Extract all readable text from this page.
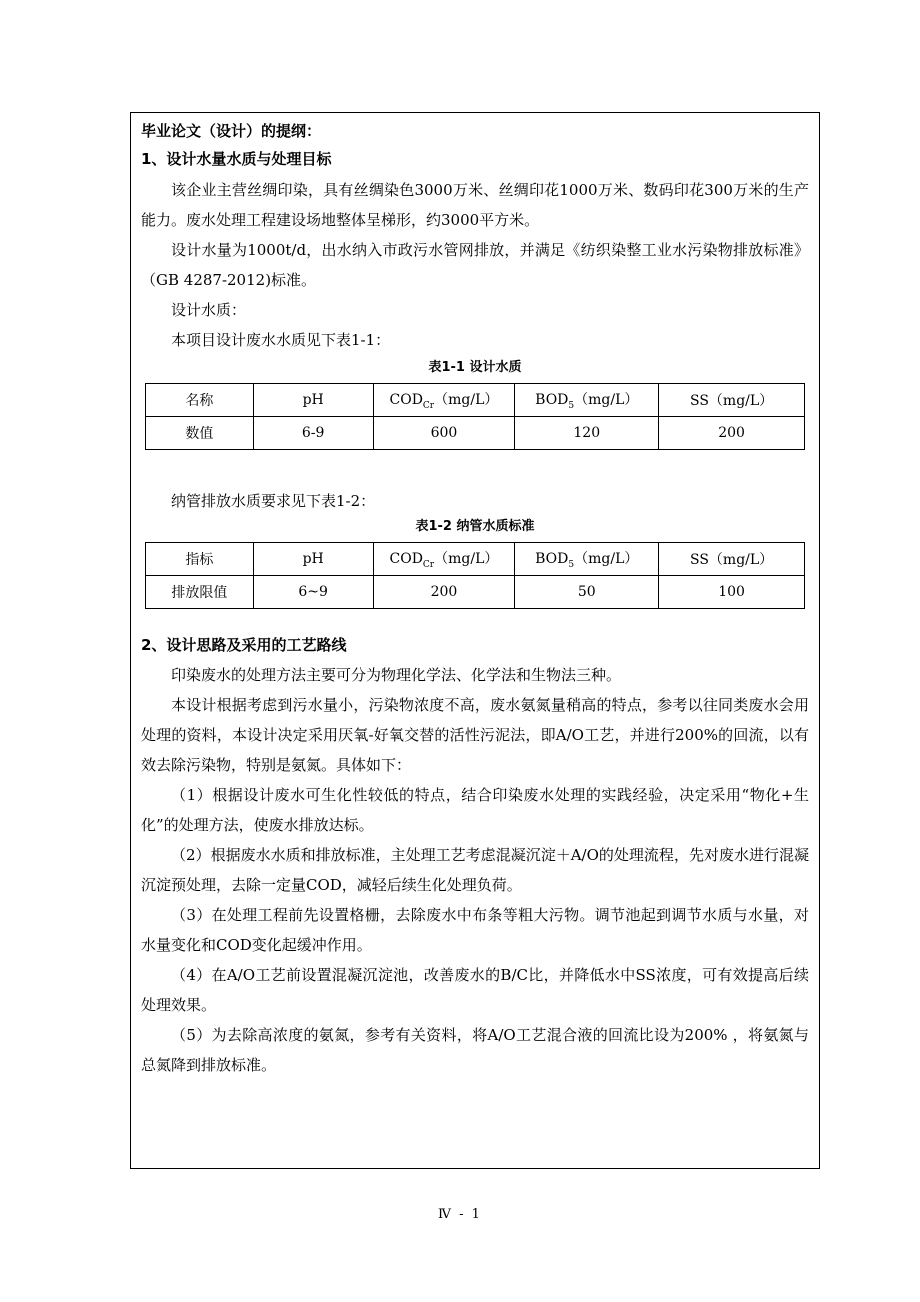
毕业论文（设计）的提纲：

1、设计水量水质与处理目标

该企业主营丝绸印染，具有丝绸染色3000万米、丝绸印花1000万米、数码印花300万米的生产能力。废水处理工程建设场地整体呈梯形，约3000平方米。

设计水量为1000t/d，出水纳入市政污水管网排放，并满足《纺织染整工业水污染物排放标准》（GB 4287-2012)标准。

设计水质：

本项目设计废水水质见下表1-1：

表1-1 设计水质

名称	pH	$COD_{Cr}(mg/L)$	$BOD_5(mg/L)$	SS（mg/L）
数值	6-9	600	120	200

纳管排放水质要求见下表1-2：

表1-2 纳管水质标准

指标	pH	$COD_{Cr}(mg/L)$	$BOD_5(mg/L)$	SS（mg/L）
排放限值	6~9	200	50	100

2、设计思路及采用的工艺路线

印染废水的处理方法主要可分为物理化学法、化学法和生物法三种。

本设计根据考虑到污水量小，污染物浓度不高，废水氨氮量稍高的特点，参考以往同类废水会用处理的资料，本设计决定采用厌氧-好氧交替的活性污泥法，即A/O工艺，并进行200%的回流，以有效去除污染物，特别是氨氮。具体如下：

（1）根据设计废水可生化性较低的特点，结合印染废水处理的实践经验，决定采用“物化+生化”的处理方法，使废水排放达标。

（2）根据废水水质和排放标准，主处理工艺考虑混凝沉淀＋A/O的处理流程，先对废水进行混凝沉淀预处理，去除一定量COD，减轻后续生化处理负荷。

（3）在处理工程前先设置格栅，去除废水中布条等粗大污物。调节池起到调节水质与水量，对水量变化和COD变化起缓冲作用。

（4）在A/O工艺前设置混凝沉淀池，改善废水的B/C比，并降低水中SS浓度，可有效提高后续处理效果。

（5）为去除高浓度的氨氮，参考有关资料，将A/O工艺混合液的回流比设为200% ，将氨氮与总氮降到排放标准。

Ⅳ - 1
